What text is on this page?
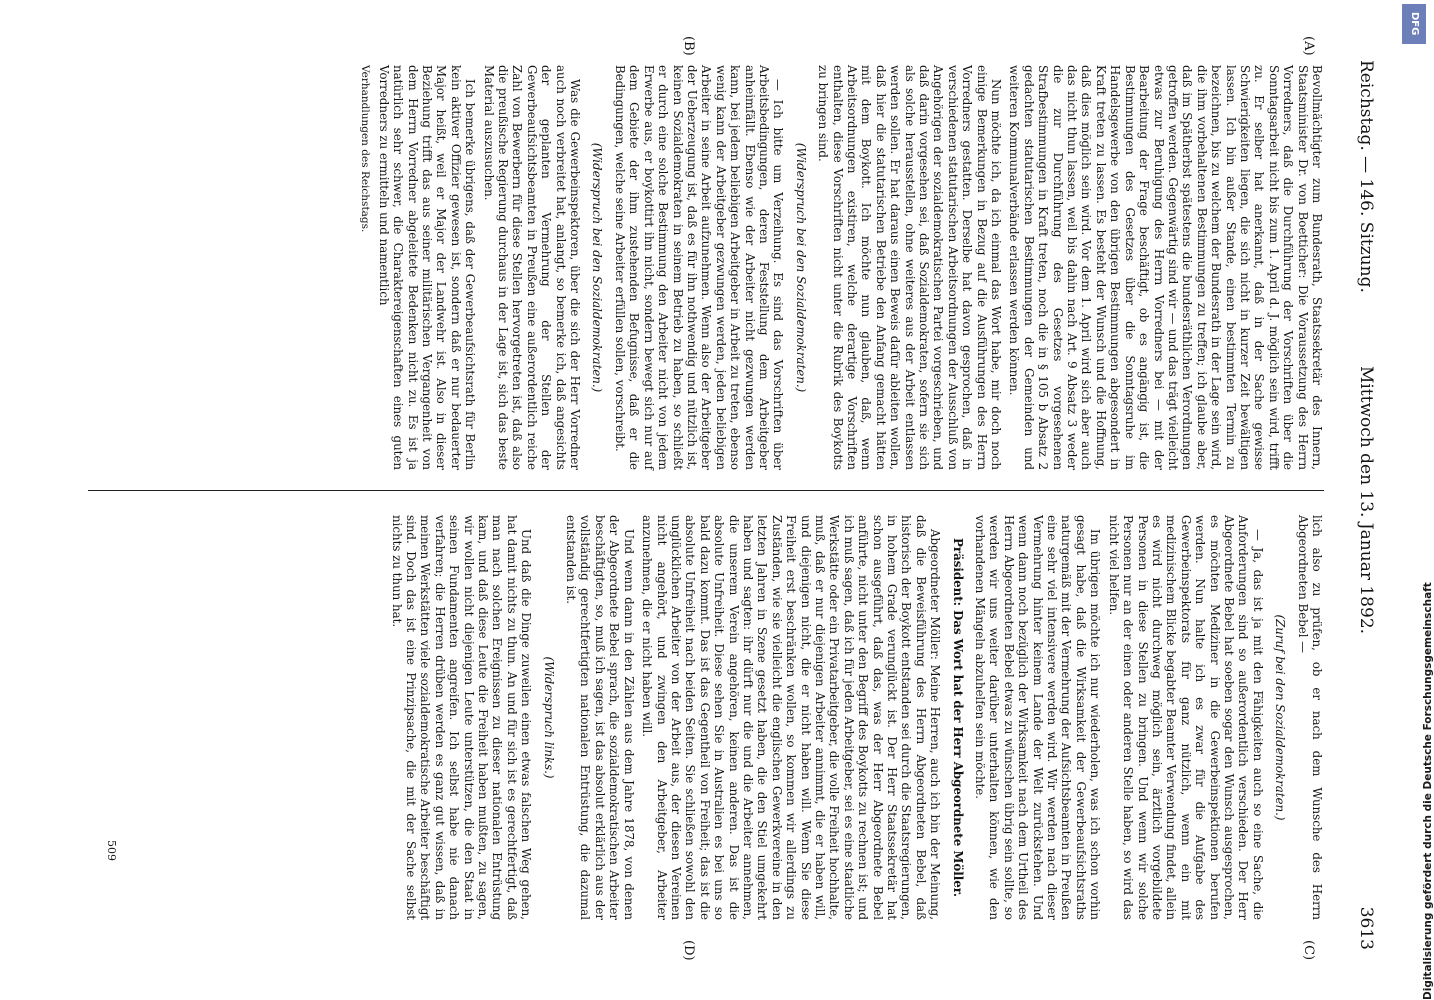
Reichstag. — 146. Sitzung.
Mittwoch den 13. Januar 1892.
3613
(A)
(B)
(C)
(D)

Bevollmächtigter zum Bundesrath, Staatssekretär des Innern, Staatsminister Dr. von Boetticher: Die Voraussetzung des Herrn Vorredners, daß die Durchführung der Vorschriften über die Sonntagsarbeit nicht bis zum 1. April d. J. möglich sein wird, trifft zu. Er selber hat anerkannt, daß in der Sache gewisse Schwierigkeiten liegen, die sich nicht in kurzer Zeit bewältigen lassen. Ich bin außer Stande, einen bestimmten Termin zu bezeichnen, bis zu welchem der Bundesrath in der Lage sein wird, die ihm vorbehaltenen Bestimmungen zu treffen; ich glaube aber, daß im Spätherbst spätestens die bundesräthlichen Verordnungen getroffen werden. Gegenwärtig sind wir — und das trägt vielleicht etwas zur Beruhigung des Herrn Vorredners bei — mit der Bearbeitung der Frage beschäftigt, ob es angängig ist, die Bestimmungen des Gesetzes über die Sonntagsruhe im Handelsgewerbe von den übrigen Bestimmungen abgesondert in Kraft treten zu lassen. Es besteht der Wunsch und die Hoffnung, daß dies möglich sein wird. Vor dem 1. April wird sich aber auch das nicht thun lassen, weil bis dahin nach Art. 9 Absatz 3 weder die zur Durchführung des Gesetzes vorgesehenen Strafbestimmungen in Kraft treten, noch die in § 105 b Absatz 2 gedachten statutarischen Bestimmungen der Gemeinden und weiteren Kommunalverbände erlassen werden können.

Nun möchte ich, da ich einmal das Wort habe, mir doch noch einige Bemerkungen in Bezug auf die Ausführungen des Herrn Vorredners gestatten. Derselbe hat davon gesprochen, daß in verschiedenen statutarischen Arbeitsordnungen der Ausschluß von Angehörigen der sozialdemokratischen Partei vorgeschrieben, und daß darin vorgesehen sei, daß Sozialdemokraten, sofern sie sich als solche herausstellen, ohne weiteres aus der Arbeit entlassen werden sollen. Er hat daraus einen Beweis dafür ableiten wollen, daß hier die statutarischen Betriebe den Anfang gemacht hätten mit dem Boykott. Ich möchte nun glauben, daß, wenn Arbeitsordnungen existiren, welche derartige Vorschriften enthalten, diese Vorschriften nicht unter die Rubrik des Boykotts zu bringen sind.

(Widerspruch bei den Sozialdemokraten.)

— Ich bitte um Verzeihung. Es sind das Vorschriften über Arbeitsbedingungen, deren Feststellung dem Arbeitgeber anheimfällt. Ebenso wie der Arbeiter nicht gezwungen werden kann, bei jedem beliebigen Arbeitgeber in Arbeit zu treten, ebenso wenig kann der Arbeitgeber gezwungen werden, jeden beliebigen Arbeiter in seine Arbeit aufzunehmen. Wenn also der Arbeitgeber der Ueberzeugung ist, daß es für ihn nothwendig und nützlich ist, keinen Sozialdemokraten in seinem Betrieb zu haben, so schließt er durch eine solche Bestimmung den Arbeiter nicht von jedem Erwerbe aus, er boykottirt ihn nicht, sondern bewegt sich nur auf dem Gebiete der ihm zustehenden Befugnisse, daß er die Bedingungen, welche seine Arbeiter erfüllen sollen, vorschreibt.

(Widerspruch bei den Sozialdemokraten.)

Was die Gewerbeinspektoren, über die sich der Herr Vorredner auch noch verbreitet hat, anlangt, so bemerke ich, daß angesichts der geplanten Vermehrung der Stellen der Gewerbeaufsichtsbeamten in Preußen eine außerordentlich reiche Zahl von Bewerbern für diese Stellen hervorgetreten ist, daß also die preußische Regierung durchaus in der Lage ist, sich das beste Material auszusuchen.

Ich bemerke übrigens, daß der Gewerbeaufsichtsrath für Berlin kein aktiver Offizier gewesen ist, sondern daß er nur bedauerter Major heißt, weil er Major der Landwehr ist. Also in dieser Beziehung trifft das aus seiner militärischen Vergangenheit von dem Herrn Vorredner abgeleitete Bedenken nicht zu. Es ist ja natürlich sehr schwer, die Charaktereigenschaften eines guten Vorredners zu ermitteln und namentlich

Verhandlungen des Reichstags.

lich also zu prüfen, ob er nach dem Wunsche des Herrn Abgeordneten Bebel —

(Zuruf bei den Sozialdemokraten.)

— Ja, das ist ja mit den Fähigkeiten auch so eine Sache, die Anforderungen sind so außerordentlich verschieden. Der Herr Abgeordnete Bebel hat soeben sogar den Wunsch ausgesprochen, es möchten Mediziner in die Gewerbeinspektionen berufen werden. Nun halte ich es zwar für die Aufgabe des Gewerbeinspektorats für ganz nützlich, wenn ein mit medizinischem Blicke begabter Beamter Verwendung findet, allein es wird nicht durchweg möglich sein, ärztlich vorgebildete Personen in diese Stellen zu bringen. Und wenn wir solche Personen nur an der einen oder anderen Stelle haben, so wird das nicht viel helfen.

Im übrigen möchte ich nur wiederholen, was ich schon vorhin gesagt habe, daß die Wirksamkeit der Gewerbeaufsichtsraths naturgemäß mit der Vermehrung der Aufsichtsbeamten in Preußen eine sehr viel intensivere werden wird. Wir werden nach dieser Vermehrung hinter keinem Lande der Welt zurückstehen. Und wenn dann noch bezüglich der Wirksamkeit nach dem Urtheil des Herrn Abgeordneten Bebel etwas zu wünschen übrig sein sollte, so werden wir uns weiter darüber unterhalten können, wie den vorhandenen Mängeln abzuhelfen sein möchte.

Präsident: Das Wort hat der Herr Abgeordnete Möller.

Abgeordneter Möller: Meine Herren, auch ich bin der Meinung, daß die Beweisführung des Herrn Abgeordneten Bebel, daß historisch der Boykott entstanden sei durch die Staatsregierungen, in hohem Grade verunglückt ist. Der Herr Staatssekretär hat schon ausgeführt, daß das, was der Herr Abgeordnete Bebel anführte, nicht unter den Begriff des Boykotts zu rechnen ist; und ich muß sagen, daß ich für jeden Arbeitgeber, sei es eine staatliche Werkstätte oder ein Privatarbeitgeber, die volle Freiheit hochhalte, muß, daß er nur diejenigen Arbeiter annimmt, die er haben will, und diejenigen nicht, die er nicht haben will. Wenn Sie diese Freiheit erst beschränken wollen, so kommen wir allerdings zu Zuständen, wie sie vielleicht die englischen Gewerkvereine in den letzten Jahren in Szene gesetzt haben, die den Stiel umgekehrt haben und sagten: ihr dürft nur die und die Arbeiter annehmen, die unserem Verein angehören, keinen anderen. Das ist die absolute Unfreiheit. Diese sehen Sie in Australien es bei uns so bald dazu kommt. Das ist das Gegentheil von Freiheit; das ist die absolute Unfreiheit nach beiden Seiten. Sie schließen sowohl den unglücklichen Arbeiter von der Arbeit aus, der diesen Vereinen nicht angehört, und zwingen den Arbeitgeber, Arbeiter anzunehmen, die er nicht haben will.

Und wenn dann in den Zählen aus dem Jahre 1878, von denen der Abgeordnete Bebel sprach, die sozialdemokratischen Arbeiter beschäftigten, so, muß ich sagen, ist das absolut erklärlich aus der vollständig gerechtfertigten nationalen Entrüstung, die dazumal entstanden ist.

(Widerspruch links.)

Und daß die Dinge zuweilen einen etwas falschen Weg gehen, hat damit nichts zu thun. An und für sich ist es gerechtfertigt, daß man nach solchen Ereignissen zu dieser nationalen Entrüstung kam, und daß diese Leute die Freiheit haben mußten, zu sagen, wir wollen nicht diejenigen Leute unterstützen, die den Staat in seinen Fundamenten angreifen. Ich selbst habe nie danach verfahren; die Herren drüben werden es ganz gut wissen, daß in meinen Werkstätten viele sozialdemokratische Arbeiter beschäftigt sind. Doch das ist eine Prinzipsache, die mit der Sache selbst nichts zu thun hat.

509
DFG
Digitalisierung gefördert durch die Deutsche Forschungsgemeinschaft
